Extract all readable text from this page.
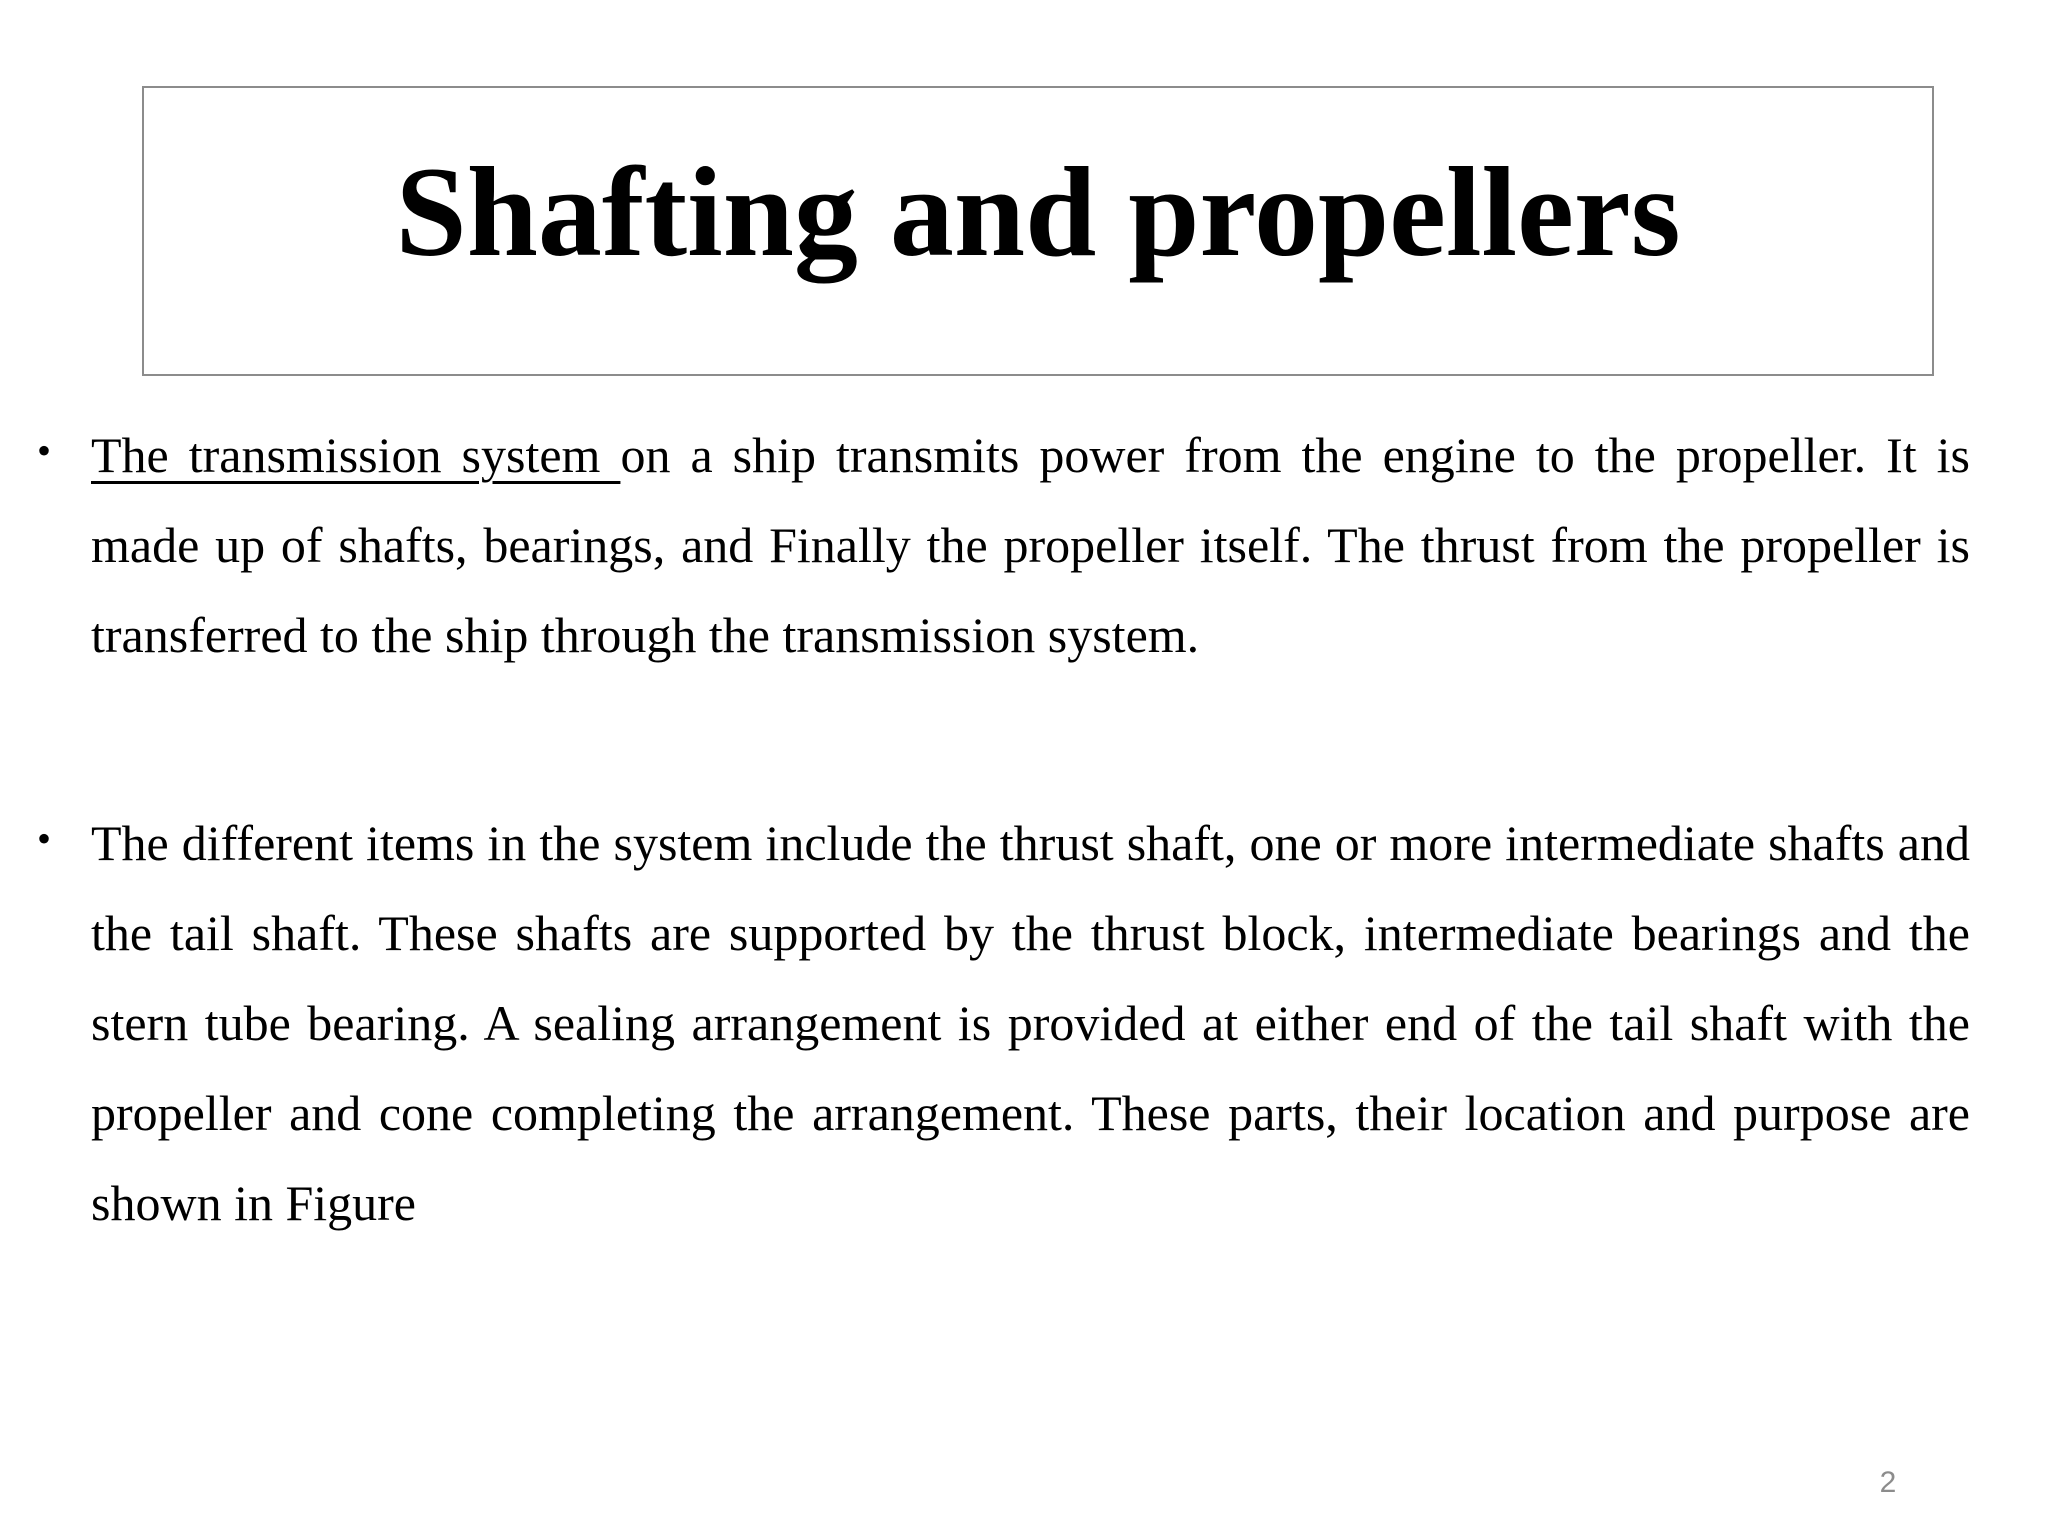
Shafting and propellers
• The transmission system on a ship transmits power from the engine to the propeller. It is made up of shafts, bearings, and Finally the propeller itself. The thrust from the propeller is transferred to the ship through the transmission system.
• The different items in the system include the thrust shaft, one or more intermediate shafts and the tail shaft. These shafts are supported by the thrust block, intermediate bearings and the stern tube bearing. A sealing arrangement is provided at either end of the tail shaft with the propeller and cone completing the arrangement. These parts, their location and purpose are shown in Figure
2
